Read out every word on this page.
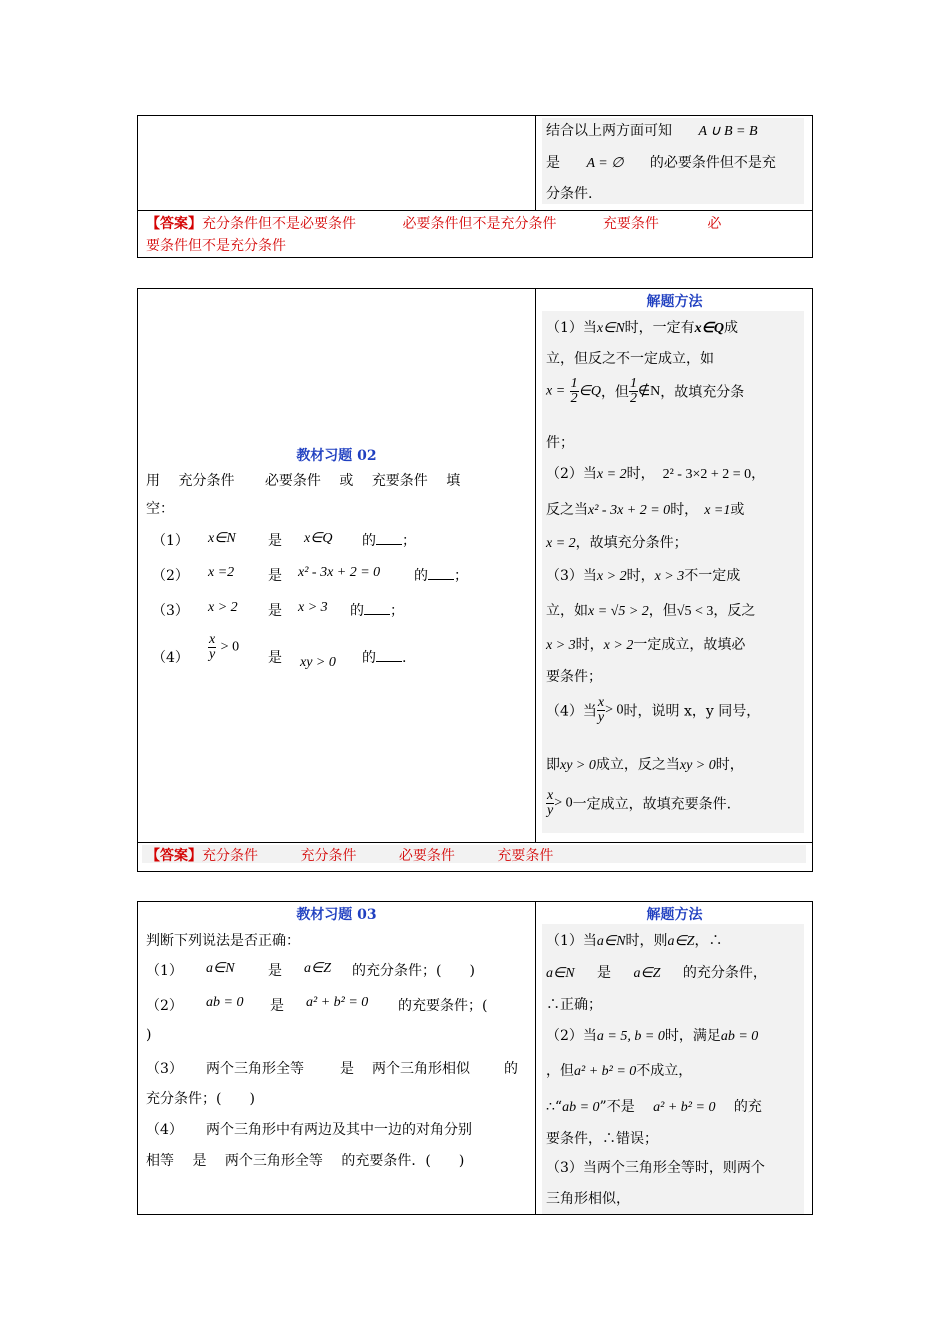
结合以上两方面可知 A ∪ B = B
是 A = ∅ 的必要条件但不是充
分条件.
【答案】充分条件但不是必要条件	必要条件但不是充分条件	充要条件	必
要条件但不是充分条件
教材习题 02
用 充分条件 必要条件 或 充要条件 填
空：
（1） x∈N 是 x∈Q 的 ；
（2） x =2 是 x² - 3x + 2 = 0 的 ；
（3） x > 2 是 x > 3 的 ；
$(4) \frac{x}{y} > 0$
是 xy > 0 的 .
解题方法
（1）当x∈N时，一定有x∈Q成
立，但反之不一定成立，如
$x = \frac{1}{2}$ ∈Q，但 $\frac{1}{2}$ ∉N，故填充分条
件；
（2）当x = 2时， 2² - 3×2 + 2 = 0，
反之当x² - 3x + 2 = 0时， x =1或
x = 2，故填充分条件；
（3）当x > 2时，x > 3不一定成
立，如x = √5 > 2，但√5 < 3，反之
x > 3时，x > 2一定成立，故填必
要条件；
（4）当 $\frac{x}{y} > 0$时，说明 x，y 同号，
即xy > 0成立，反之当xy > 0时，
$\frac{x}{y} > 0$一定成立，故填充要条件.
【答案】充分条件	充分条件	必要条件	充要条件
教材习题 03
判断下列说法是否正确：
（1） a∈N 是 a∈Z 的充分条件；(　　)
（2） ab = 0 是 a² + b² = 0 的充要条件；(
)
（3） 两个三角形全等	是 两个三角形相似 的
充分条件；(　　)
（4） 两个三角形中有两边及其中一边的对角分别
相等 是 两个三角形全等 的充要条件．(　　)
解题方法
（1）当a∈N时，则a∈Z，∴
a∈N 是 a∈Z 的充分条件，
∴正确；
（2）当a = 5, b = 0时，满足ab = 0
，但a² + b² = 0不成立，
∴“ab = 0”不是 a² + b² = 0 的充
要条件，∴错误；
（3）当两个三角形全等时，则两个
三角形相似，
